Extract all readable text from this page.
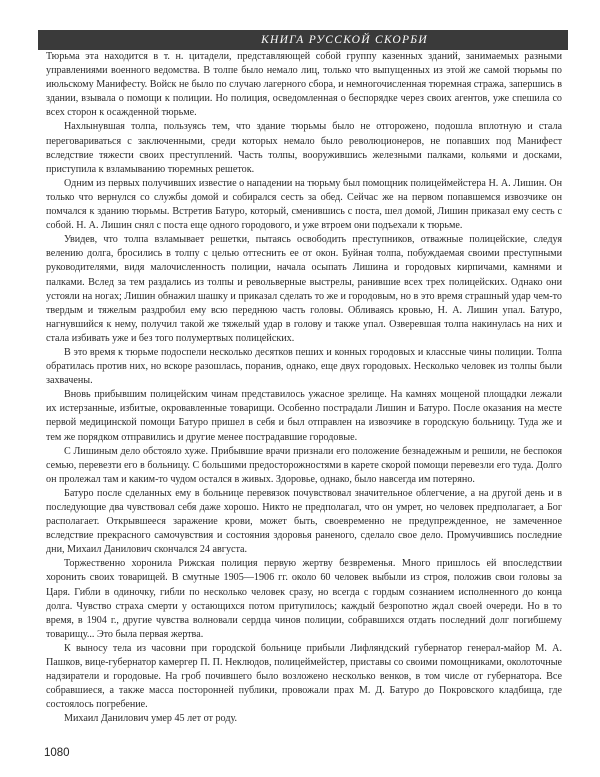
КНИГА РУССКОЙ СКОРБИ

Тюрьма эта находится в т. н. цитадели, представляющей собой группу казенных зданий, занимаемых разными управлениями военного ведомства. В толпе было немало лиц, только что выпущенных из этой же самой тюрьмы по июльскому Манифесту. Войск не было по случаю лагерного сбора, и немногочисленная тюремная стража, запершись в здании, взывала о помощи к полиции. Но полиция, осведомленная о беспорядке через своих агентов, уже спешила со всех сторон к осажденной тюрьме.

Нахлынувшая толпа, пользуясь тем, что здание тюрьмы было не отгорожено, подошла вплотную и стала переговариваться с заключенными, среди которых немало было революционеров, не попавших под Манифест вследствие тяжести своих преступлений. Часть толпы, вооружившись железными палками, кольями и досками, приступила к взламыванию тюремных решеток.

Одним из первых получивших известие о нападении на тюрьму был помощник полицеймейстера Н. А. Лишин. Он только что вернулся со службы домой и собирался сесть за обед. Сейчас же на первом попавшемся извозчике он помчался к зданию тюрьмы. Встретив Батуро, который, сменившись с поста, шел домой, Лишин приказал ему сесть с собой. Н. А. Лишин снял с поста еще одного городового, и уже втроем они подъехали к тюрьме.

Увидев, что толпа взламывает решетки, пытаясь освободить преступников, отважные полицейские, следуя велению долга, бросились в толпу с целью оттеснить ее от окон. Буйная толпа, побуждаемая своими преступными руководителями, видя малочисленность полиции, начала осыпать Лишина и городовых кирпичами, камнями и палками. Вслед за тем раздались из толпы и револьверные выстрелы, ранившие всех трех полицейских. Однако они устояли на ногах; Лишин обнажил шашку и приказал сделать то же и городовым, но в это время страшный удар чем-то твердым и тяжелым раздробил ему всю переднюю часть головы. Обливаясь кровью, Н. А. Лишин упал. Батуро, нагнувшийся к нему, получил такой же тяжелый удар в голову и также упал. Озверевшая толпа накинулась на них и стала избивать уже и без того полумертвых полицейских.

В это время к тюрьме подоспели несколько десятков пеших и конных городовых и классные чины полиции. Толпа обратилась против них, но вскоре разошлась, поранив, однако, еще двух городовых. Несколько человек из толпы были захвачены.

Вновь прибывшим полицейским чинам представилось ужасное зрелище. На камнях мощеной площадки лежали их истерзанные, избитые, окровавленные товарищи. Особенно пострадали Лишин и Батуро. После оказания на месте первой медицинской помощи Батуро пришел в себя и был отправлен на извозчике в городскую больницу. Туда же и тем же порядком отправились и другие менее пострадавшие городовые.

С Лишиным дело обстояло хуже. Прибывшие врачи признали его положение безнадежным и решили, не беспокоя семью, перевезти его в больницу. С большими предосторожностями в карете скорой помощи перевезли его туда. Долго он пролежал там и каким-то чудом остался в живых. Здоровье, однако, было навсегда им потеряно.

Батуро после сделанных ему в больнице перевязок почувствовал значительное облегчение, а на другой день и в последующие два чувствовал себя даже хорошо. Никто не предполагал, что он умрет, но человек предполагает, а Бог располагает. Открывшееся заражение крови, может быть, своевременно не предупрежденное, не замеченное вследствие прекрасного самочувствия и состояния здоровья раненого, сделало свое дело. Промучившись последние дни, Михаил Данилович скончался 24 августа.

Торжественно хоронила Рижская полиция первую жертву безвременья. Много пришлось ей впоследствии хоронить своих товарищей. В смутные 1905—1906 гг. около 60 человек выбыли из строя, положив свои головы за Царя. Гибли в одиночку, гибли по несколько человек сразу, но всегда с гордым сознанием исполненного до конца долга. Чувство страха смерти у остающихся потом притупилось; каждый безропотно ждал своей очереди. Но в то время, в 1904 г., другие чувства волновали сердца чинов полиции, собравшихся отдать последний долг погибшему товарищу... Это была первая жертва.

К выносу тела из часовни при городской больнице прибыли Лифляндский губернатор генерал-майор М. А. Пашков, вице-губернатор камергер П. П. Неклюдов, полицеймейстер, приставы со своими помощниками, околоточные надзиратели и городовые. На гроб почившего было возложено несколько венков, в том числе от губернатора. Все собравшиеся, а также масса посторонней публики, провожали прах М. Д. Батуро до Покровского кладбища, где состоялось погребение.

Михаил Данилович умер 45 лет от роду.

1080
